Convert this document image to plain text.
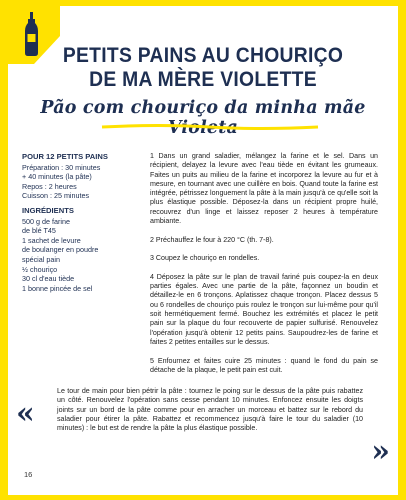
PETITS PAINS AU CHOURIÇO
DE MA MÈRE VIOLETTE
Pão com chouriço da minha mãe Violeta
POUR 12 PETITS PAINS
Préparation : 30 minutes
+ 40 minutes (la pâte)
Repos : 2 heures
Cuisson : 25 minutes
INGRÉDIENTS
500 g de farine
de blé T45
1 sachet de levure
de boulanger en poudre
spécial pain
½ chouriço
30 cl d'eau tiède
1 bonne pincée de sel

1 Dans un grand saladier, mélangez la farine et le sel. Dans un récipient, delayez la levure avec l'eau tiède en évitant les grumeaux. Faites un puits au milieu de la farine et incorporez la levure au fur et à mesure, en tournant avec une cuillère en bois. Quand toute la farine est intégrée, pétrissez longuement la pâte à la main jusqu'à ce qu'elle soit la plus élastique possible. Déposez-la dans un récipient propre huilé, recouvrez d'un linge et laissez reposer 2 heures à température ambiante.

2 Préchauffez le four à 220 °C (th. 7-8).

3 Coupez le chouriço en rondelles.

4 Déposez la pâte sur le plan de travail fariné puis coupez-la en deux parties égales. Avec une partie de la pâte, façonnez un boudin et détaillez-le en 6 tronçons. Aplatissez chaque tronçon. Placez dessus 5 ou 6 rondelles de chouriço puis roulez le tronçon sur lui-même pour qu'il soit hermétiquement fermé. Bouchez les extrémités et placez le petit pain sur la plaque du four recouverte de papier sulfurisé. Renouvelez l'opération jusqu'à obtenir 12 petits pains. Saupoudrez-les de farine et faites 2 petites entailles sur le dessus.

5 Enfournez et faites cuire 25 minutes : quand le fond du pain se détache de la plaque, le petit pain est cuit.

«

Le tour de main pour bien pétrir la pâte : tournez le poing sur le dessus de la pâte puis rabattez un côté. Renouvelez l'opération sans cesse pendant 10 minutes. Enfoncez ensuite les doigts joints sur un bord de la pâte comme pour en arracher un morceau et battez sur le rebord du saladier pour étirer la pâte. Rabattez et recommencez jusqu'à faire le tour du saladier (10 minutes) : le but est de rendre la pâte la plus élastique possible.

»
16
